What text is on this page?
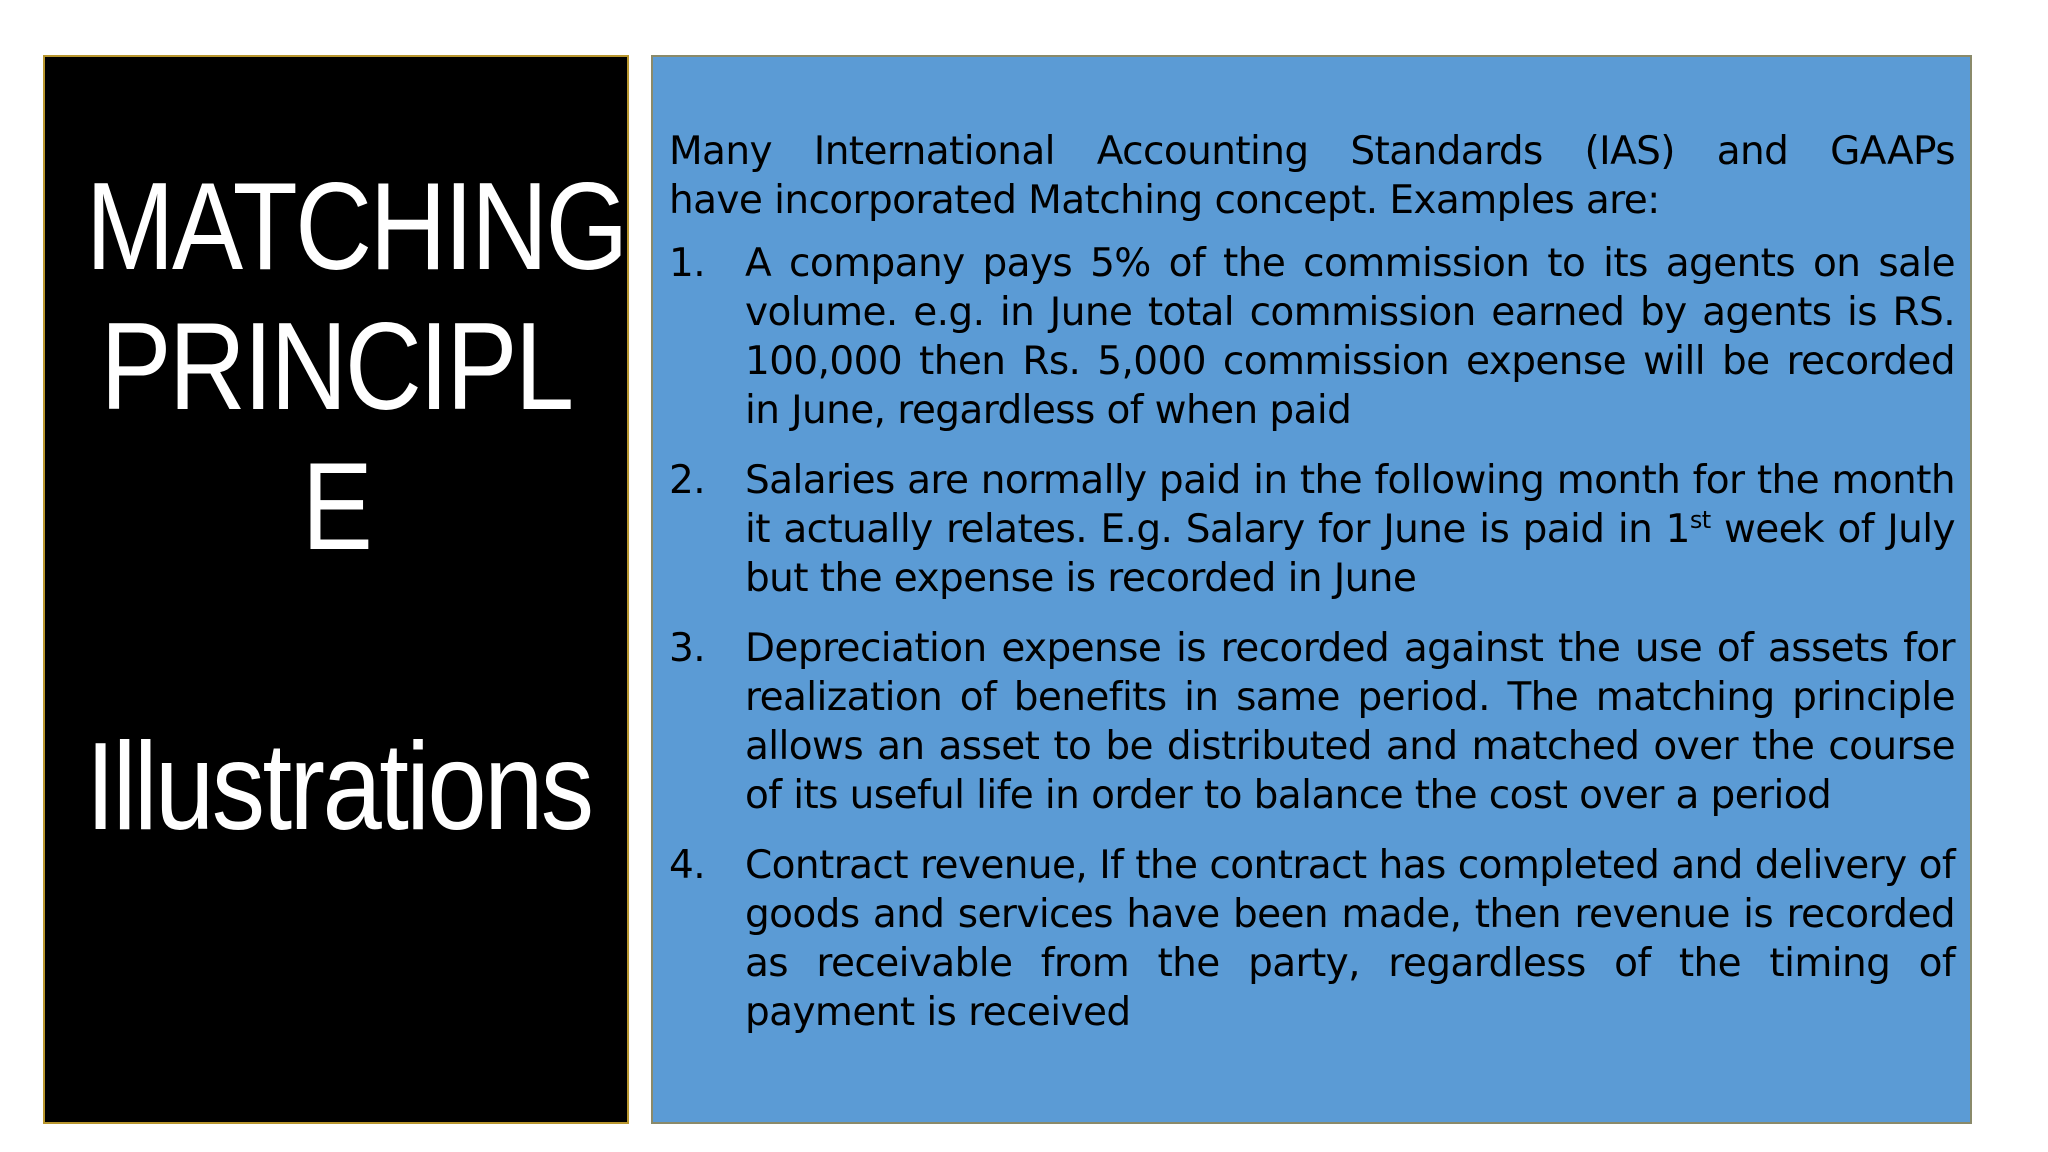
MATCHING
PRINCIPL
E
Illustrations

Many International Accounting Standards (IAS) and GAAPs
have incorporated Matching concept. Examples are:

1. A company pays 5% of the commission to its agents on sale volume. e.g. in June total commission earned by agents is RS. 100,000 then Rs. 5,000 commission expense will be recorded in June, regardless of when paid
2. Salaries are normally paid in the following month for the month it actually relates. E.g. Salary for June is paid in 1st week of July but the expense is recorded in June
3. Depreciation expense is recorded against the use of assets for realization of benefits in same period. The matching principle allows an asset to be distributed and matched over the course of its useful life in order to balance the cost over a period
4. Contract revenue, If the contract has completed and delivery of goods and services have been made, then revenue is recorded as receivable from the party, regardless of the timing of payment is received
